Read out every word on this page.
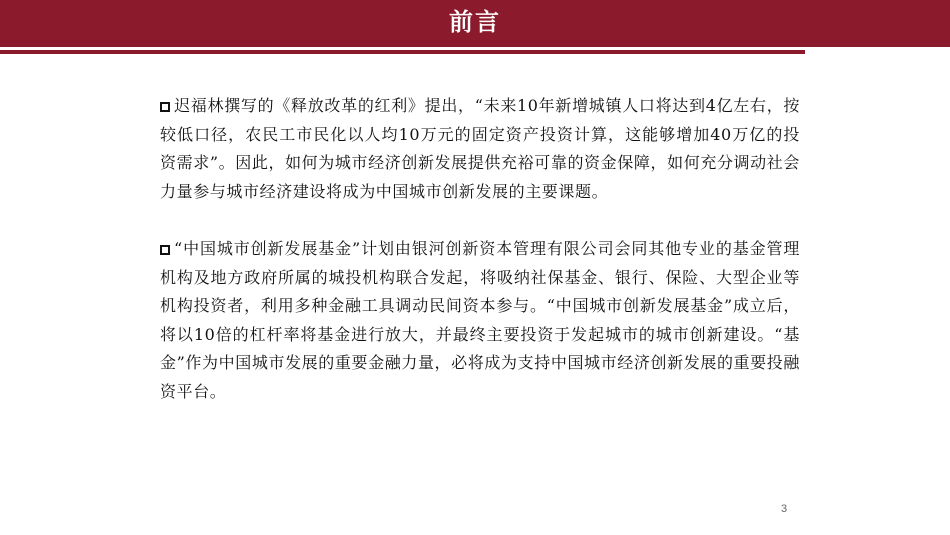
前言

迟福林撰写的《释放改革的红利》提出，“未来10年新增城镇人口将达到4亿左右，按较低口径，农民工市民化以人均10万元的固定资产投资计算，这能够增加40万亿的投资需求”。因此，如何为城市经济创新发展提供充裕可靠的资金保障，如何充分调动社会力量参与城市经济建设将成为中国城市创新发展的主要课题。

“中国城市创新发展基金”计划由银河创新资本管理有限公司会同其他专业的基金管理机构及地方政府所属的城投机构联合发起，将吸纳社保基金、银行、保险、大型企业等机构投资者，利用多种金融工具调动民间资本参与。“中国城市创新发展基金”成立后，将以10倍的杠杆率将基金进行放大，并最终主要投资于发起城市的城市创新建设。“基金”作为中国城市发展的重要金融力量，必将成为支持中国城市经济创新发展的重要投融资平台。

3
